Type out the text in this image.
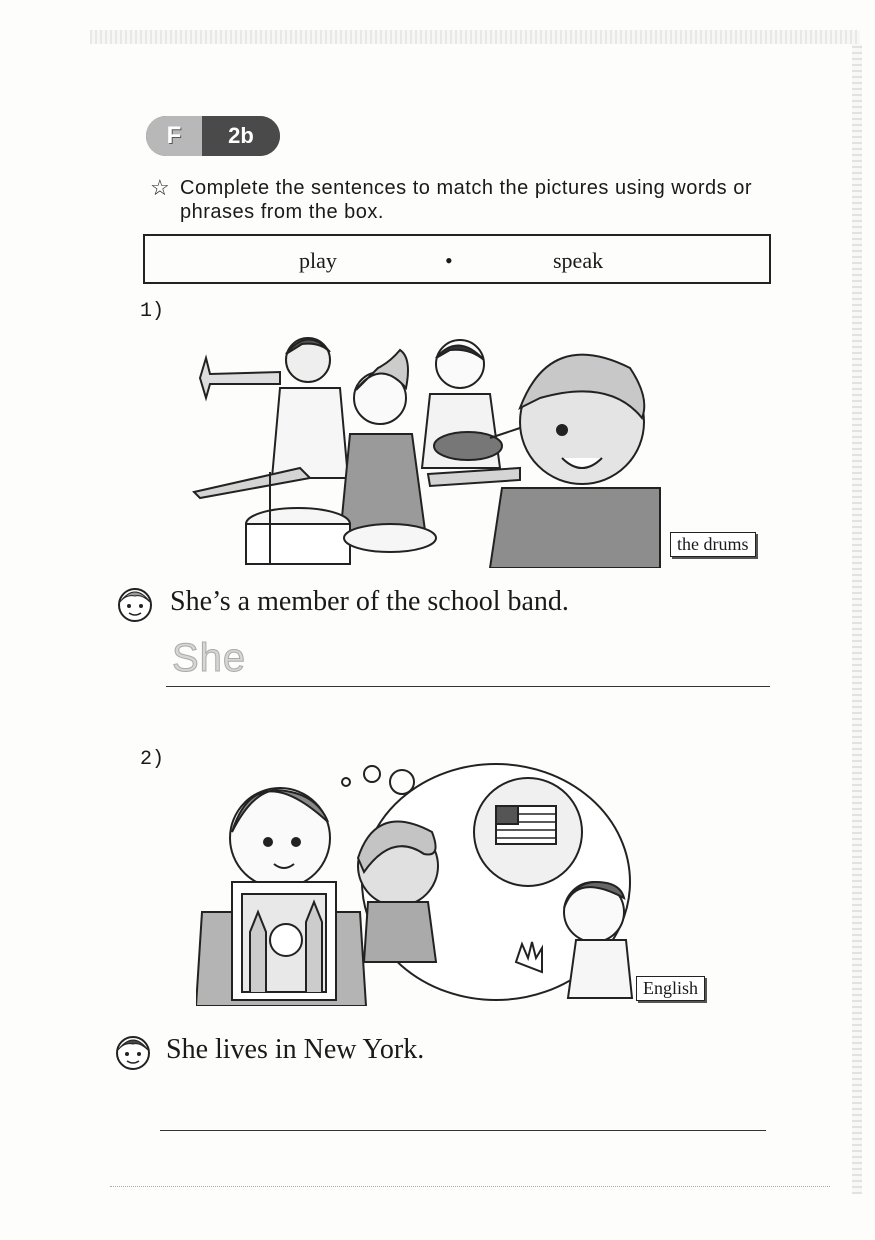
F	2b
☆ Complete the sentences to match the pictures using words or phrases from the box.
play	•	speak
1)
the drums
She’s a member of the school band.
She
2)
English
She lives in New York.
